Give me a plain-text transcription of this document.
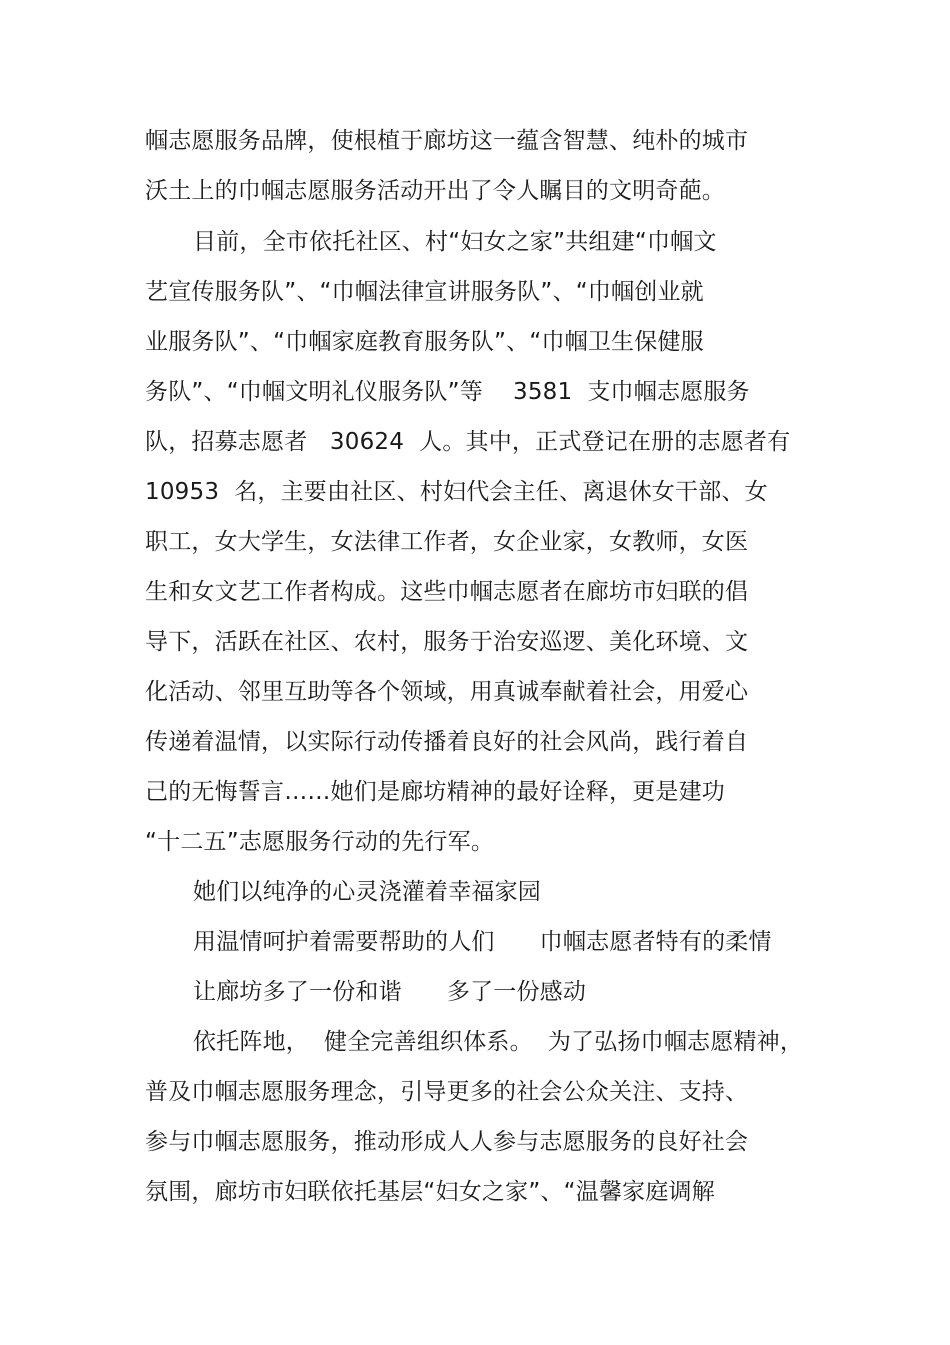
帼志愿服务品牌，使根植于廊坊这一蕴含智慧、纯朴的城市
沃土上的巾帼志愿服务活动开出了令人瞩目的文明奇葩。
目前，全市依托社区、村“妇女之家”共组建“巾帼文
艺宣传服务队”、“巾帼法律宣讲服务队”、“巾帼创业就
业服务队”、“巾帼家庭教育服务队”、“巾帼卫生保健服
务队”、“巾帼文明礼仪服务队”等    3581  支巾帼志愿服务
队，招募志愿者   30624  人。其中，正式登记在册的志愿者有
10953  名，主要由社区、村妇代会主任、离退休女干部、女
职工，女大学生，女法律工作者，女企业家，女教师，女医
生和女文艺工作者构成。这些巾帼志愿者在廊坊市妇联的倡
导下，活跃在社区、农村，服务于治安巡逻、美化环境、文
化活动、邻里互助等各个领域，用真诚奉献着社会，用爱心
传递着温情，以实际行动传播着良好的社会风尚，践行着自
己的无悔誓言……她们是廊坊精神的最好诠释，更是建功
“十二五”志愿服务行动的先行军。
她们以纯净的心灵浇灌着幸福家园
用温情呵护着需要帮助的人们      巾帼志愿者特有的柔情
让廊坊多了一份和谐      多了一份感动
依托阵地，  健全完善组织体系。  为了弘扬巾帼志愿精神，
普及巾帼志愿服务理念，引导更多的社会公众关注、支持、
参与巾帼志愿服务，推动形成人人参与志愿服务的良好社会
氛围，廊坊市妇联依托基层“妇女之家”、“温馨家庭调解
